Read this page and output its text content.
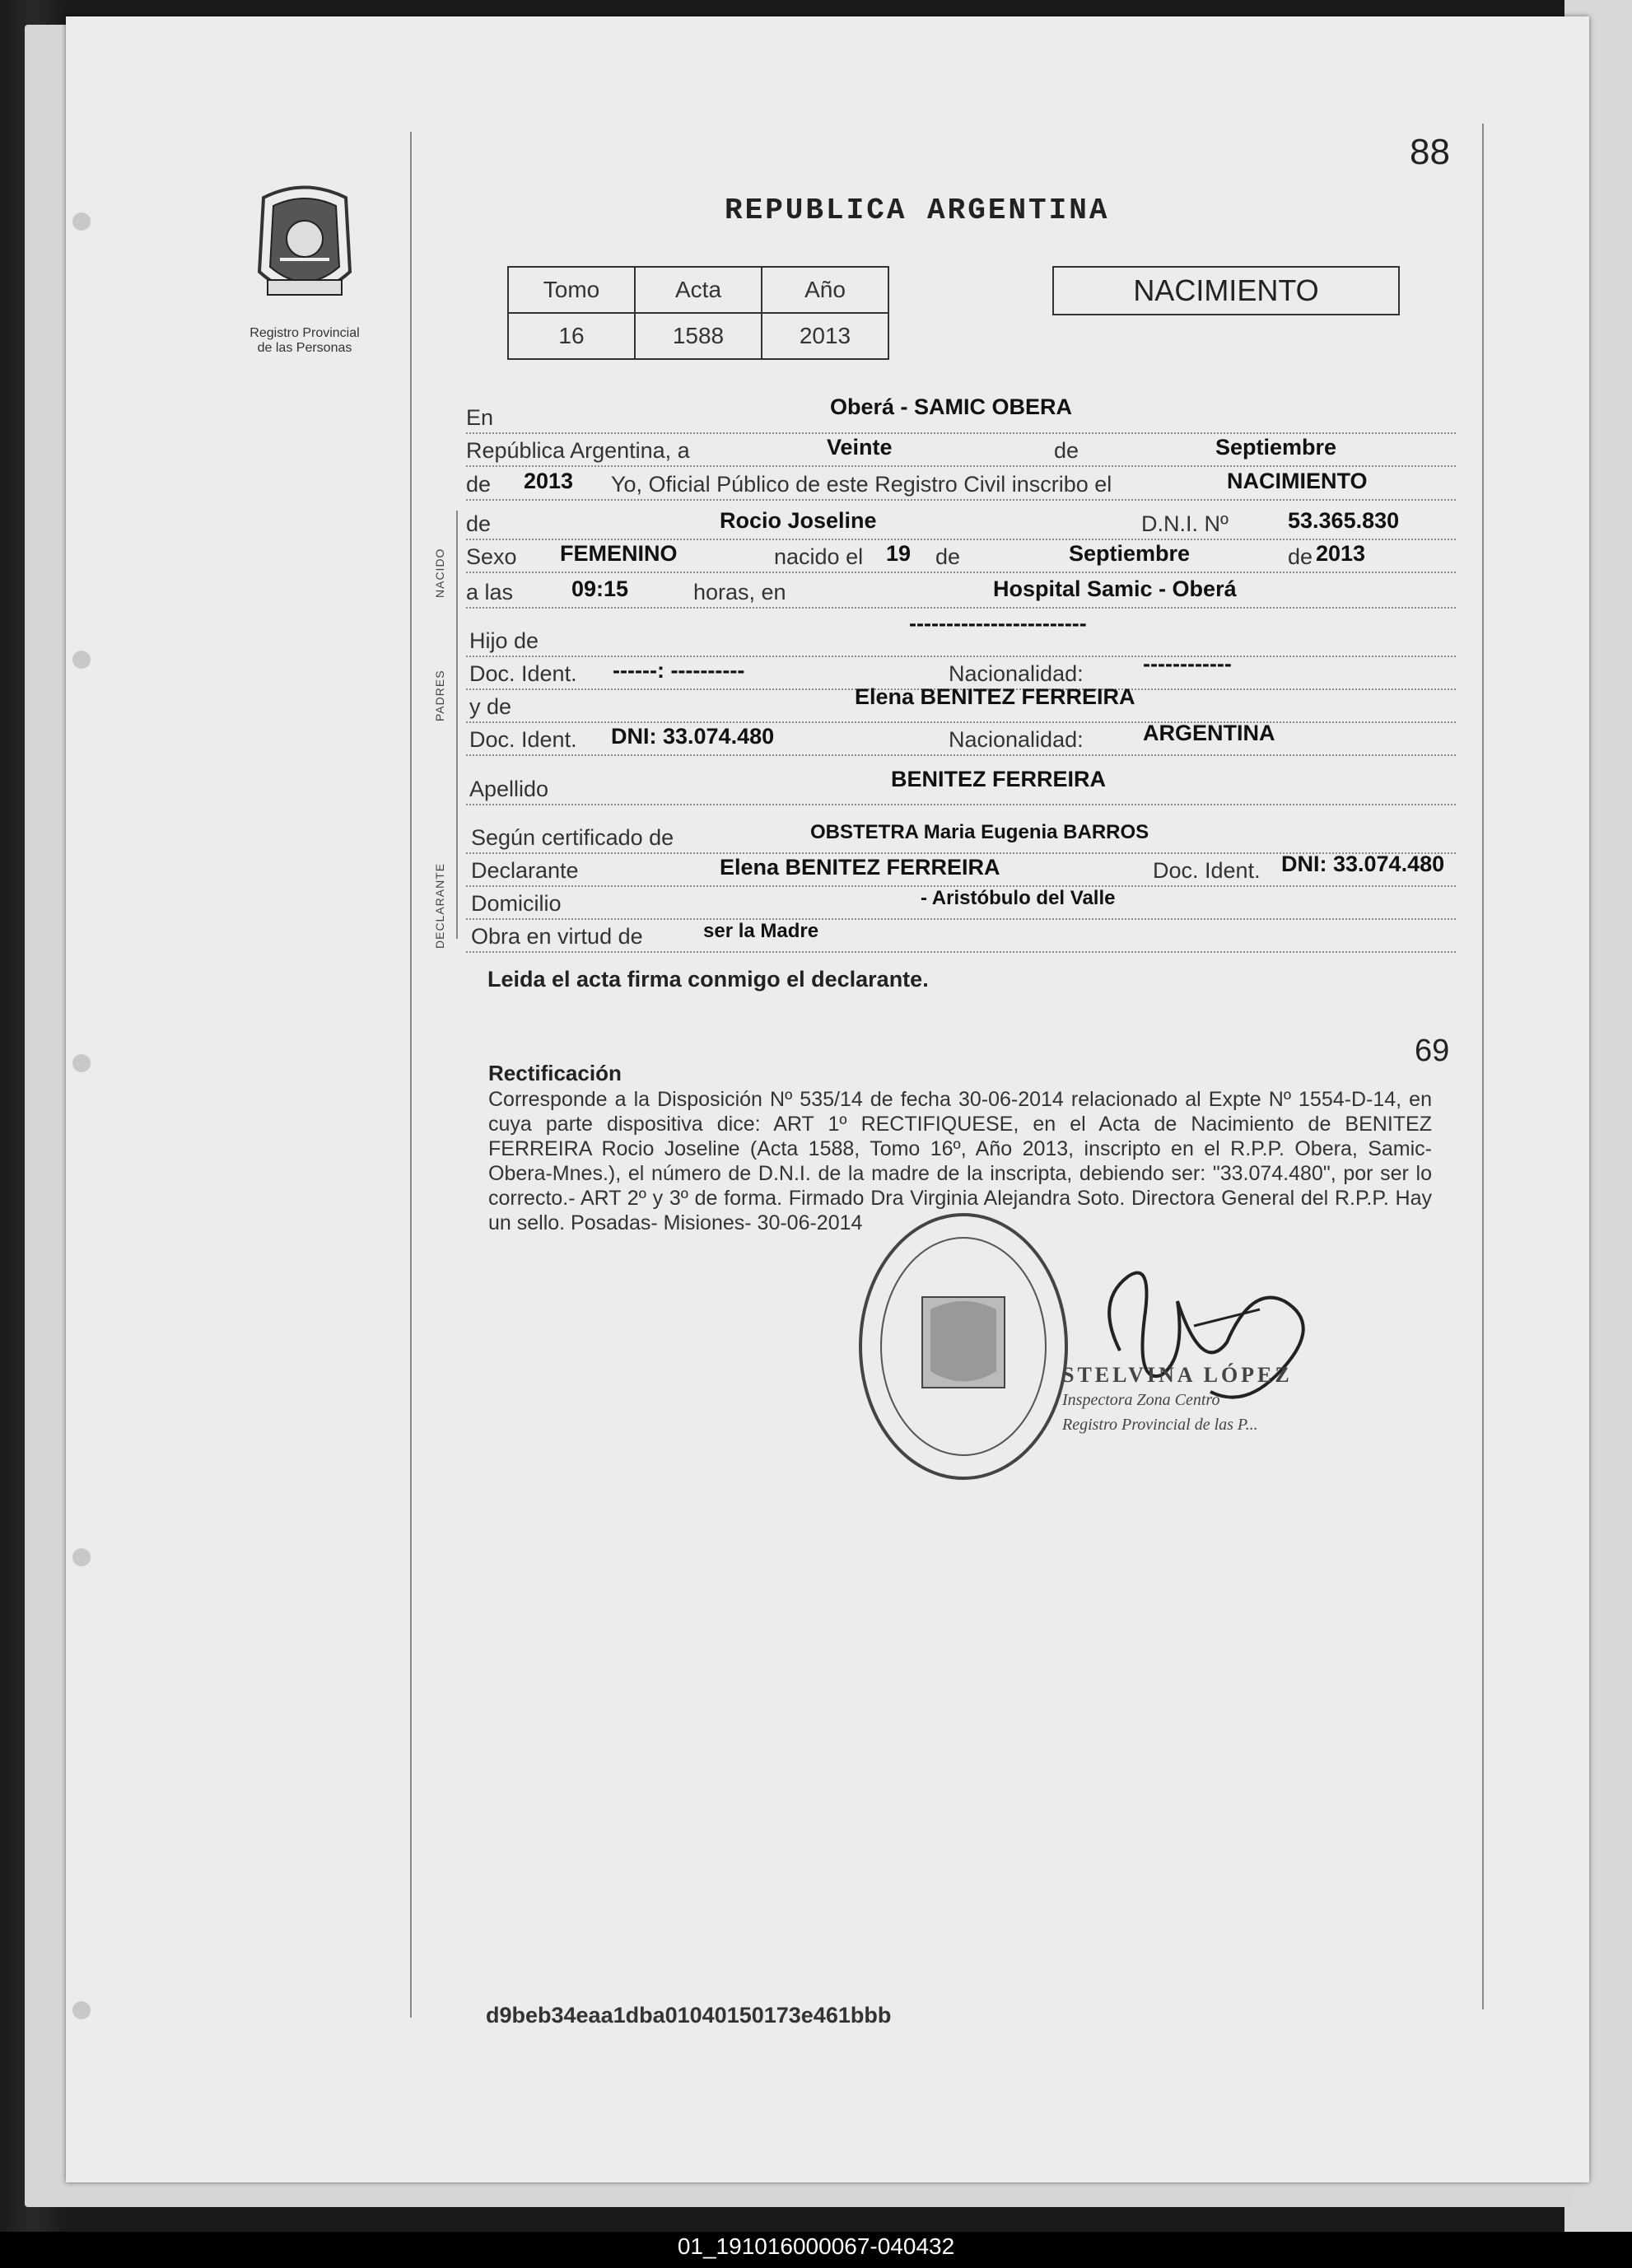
Registro Provincial
de las Personas
88
REPUBLICA ARGENTINA
Tomo	Acta	Año
16	1588	2013
NACIMIENTO
En	Oberá - SAMIC OBERA
República Argentina, a	Veinte	de	Septiembre
de 2013 Yo, Oficial Público de este Registro Civil inscribo el	NACIMIENTO
de	Rocio Joseline	D.N.I. Nº	53.365.830
Sexo FEMENINO	nacido el 19 de	Septiembre	de 2013
a las	09:15	horas, en	Hospital Samic - Oberá
Hijo de
------------------------
Doc. Ident. ------: ----------	Nacionalidad:	------------
y de	Elena BENITEZ FERREIRA
Doc. Ident. DNI: 33.074.480	Nacionalidad:	ARGENTINA
Apellido	BENITEZ FERREIRA
Según certificado de	OBSTETRA Maria Eugenia BARROS
Declarante	Elena BENITEZ FERREIRA	Doc. Ident. DNI: 33.074.480
Domicilio	- Aristóbulo del Valle
Obra en virtud de	ser la Madre
NACIDO
PADRES
DECLARANTE
Leida el acta firma conmigo el declarante.
69
Rectificación
Corresponde a la Disposición Nº 535/14 de fecha 30-06-2014 relacionado al Expte Nº 1554-D-14, en cuya parte dispositiva dice: ART 1º RECTIFIQUESE, en el Acta de Nacimiento de BENITEZ FERREIRA Rocio Joseline (Acta 1588, Tomo 16º, Año 2013, inscripto en el R.P.P. Obera, Samic-Obera-Mnes.), el número de D.N.I. de la madre de la inscripta, debiendo ser: "33.074.480", por ser lo correcto.- ART 2º y 3º de forma. Firmado Dra Virginia Alejandra Soto. Directora General del R.P.P. Hay un sello. Posadas- Misiones- 30-06-2014
STELVINA LÓPEZ
Inspectora Zona Centro
Registro Provincial de las P...
d9beb34eaa1dba01040150173e461bbb
01_191016000067-040432
